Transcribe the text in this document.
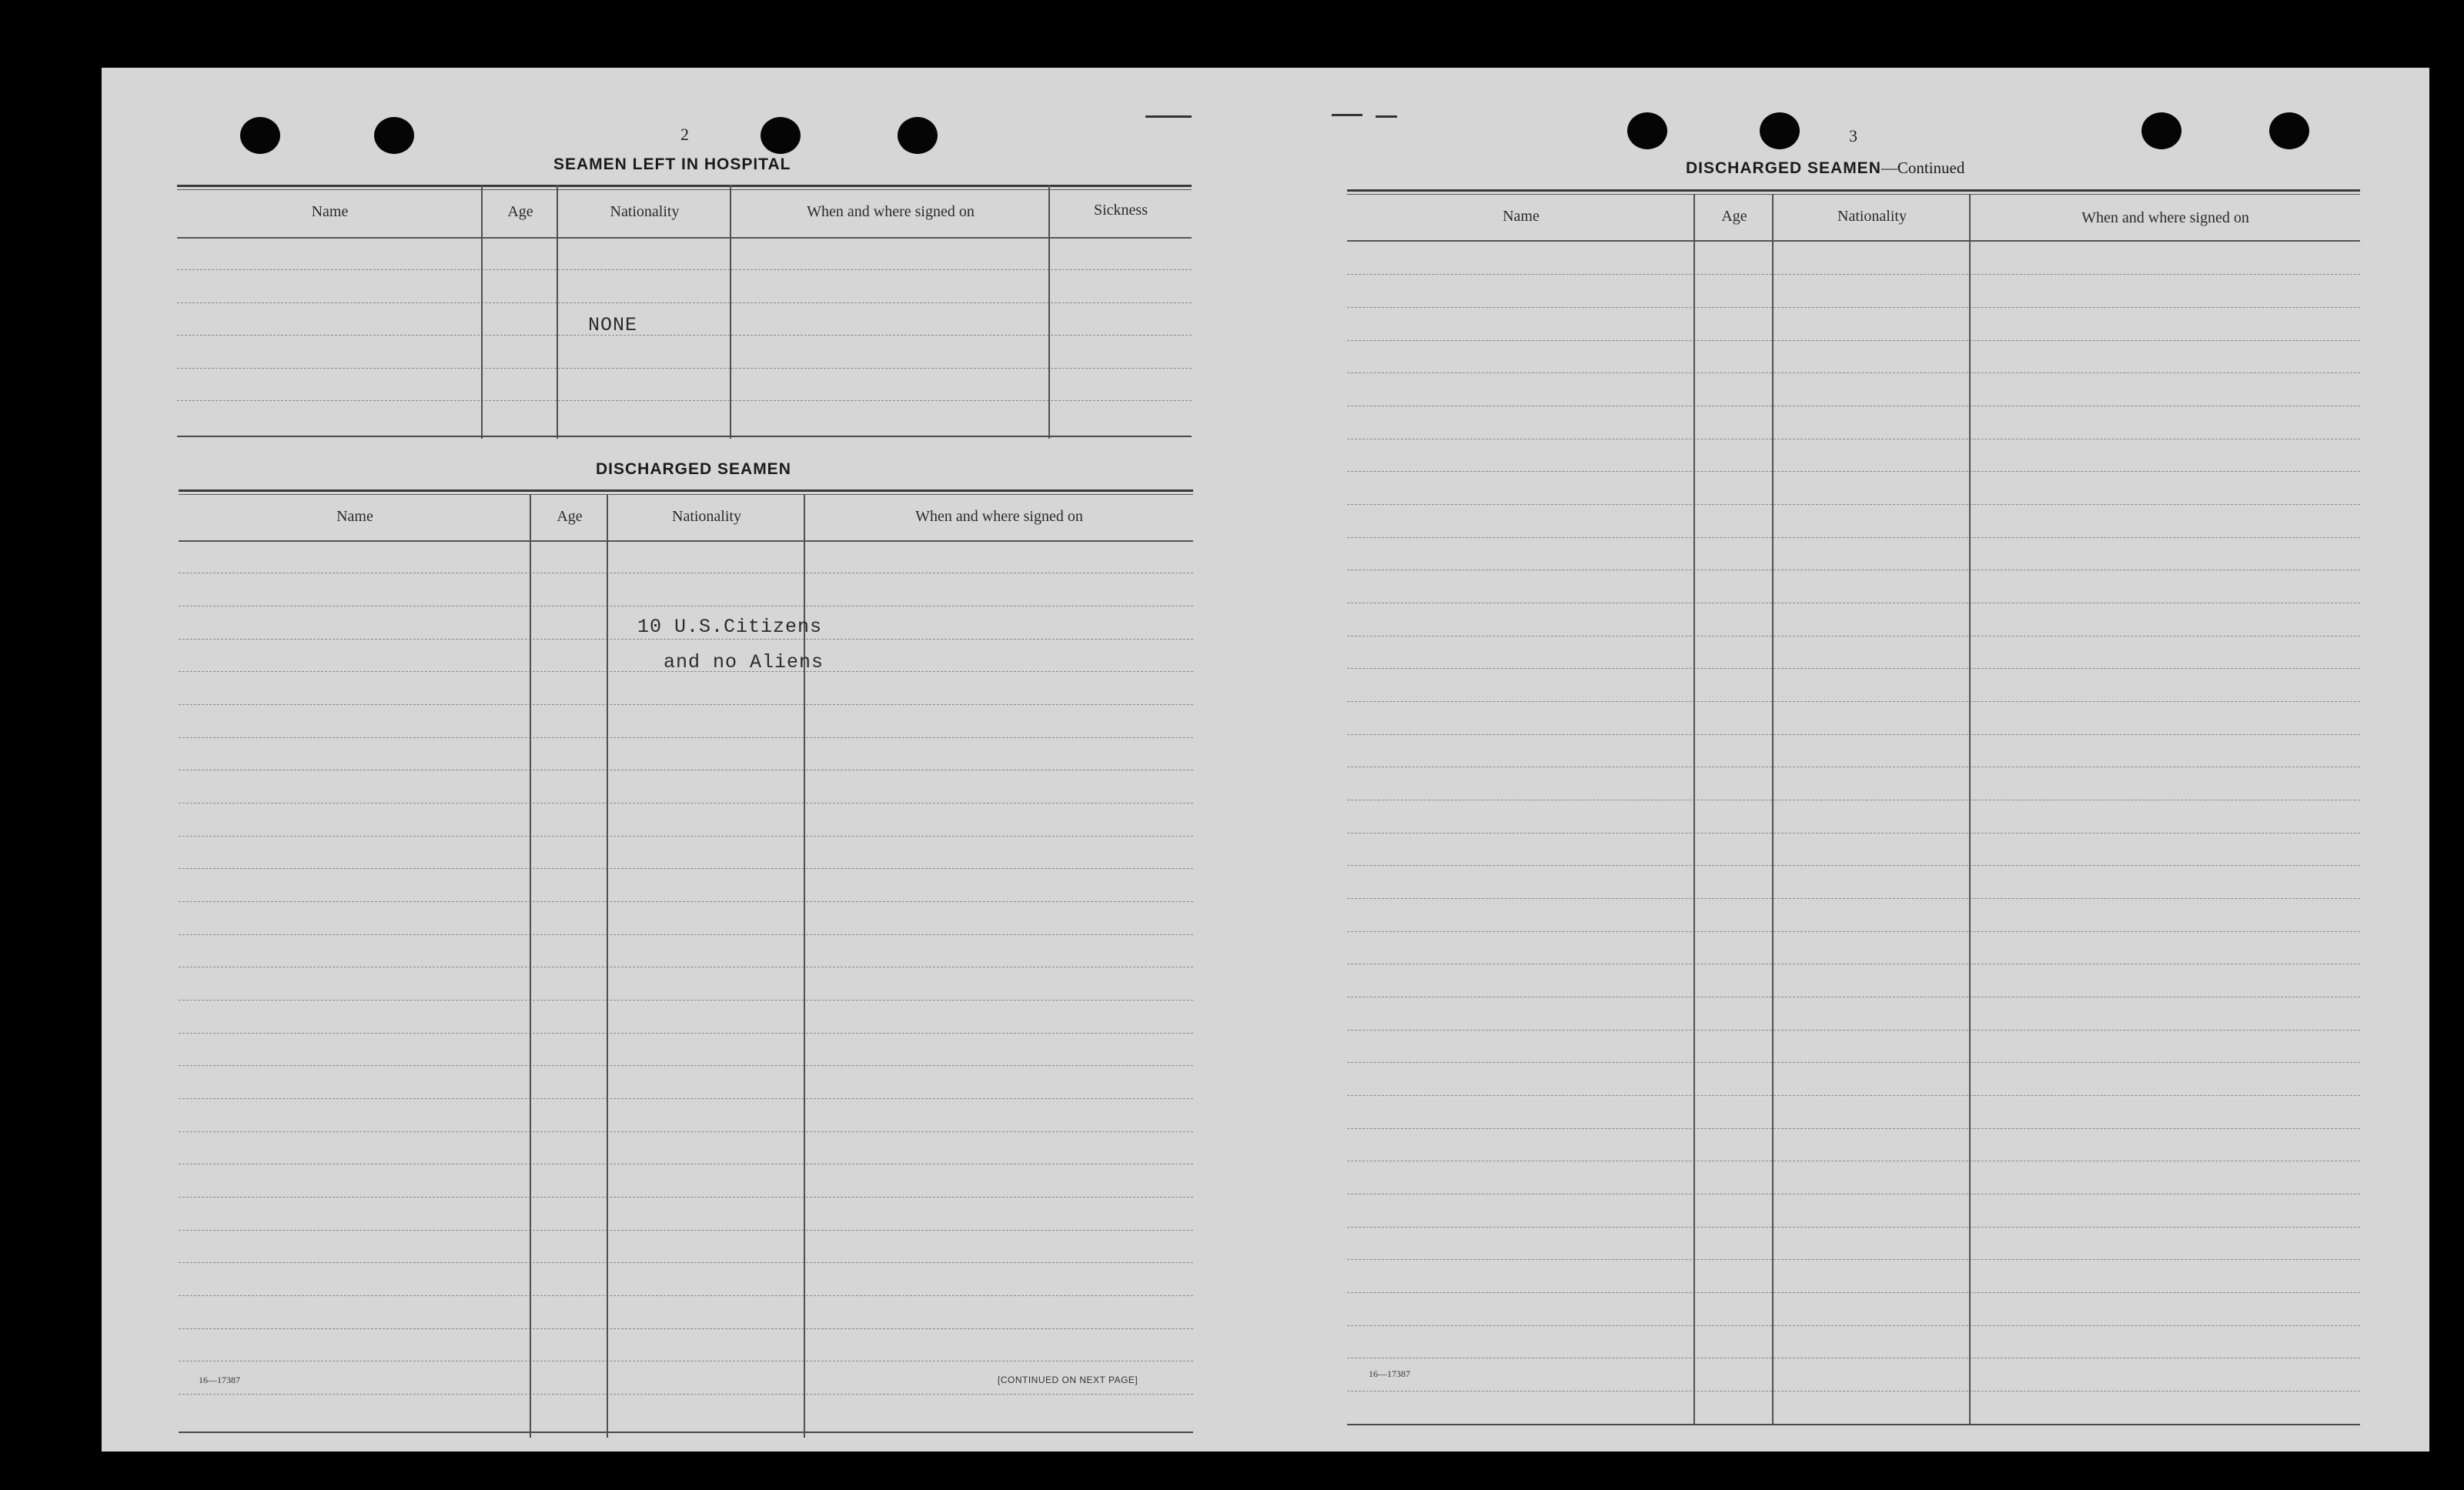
2
SEAMEN LEFT IN HOSPITAL
Name	Age	Nationality	When and where signed on	Sickness
NONE
DISCHARGED SEAMEN
Name	Age	Nationality	When and where signed on
10 U.S.Citizens
and no Aliens
16—17387	[CONTINUED ON NEXT PAGE]
3
DISCHARGED SEAMEN—Continued
Name	Age	Nationality	When and where signed on
16—17387
